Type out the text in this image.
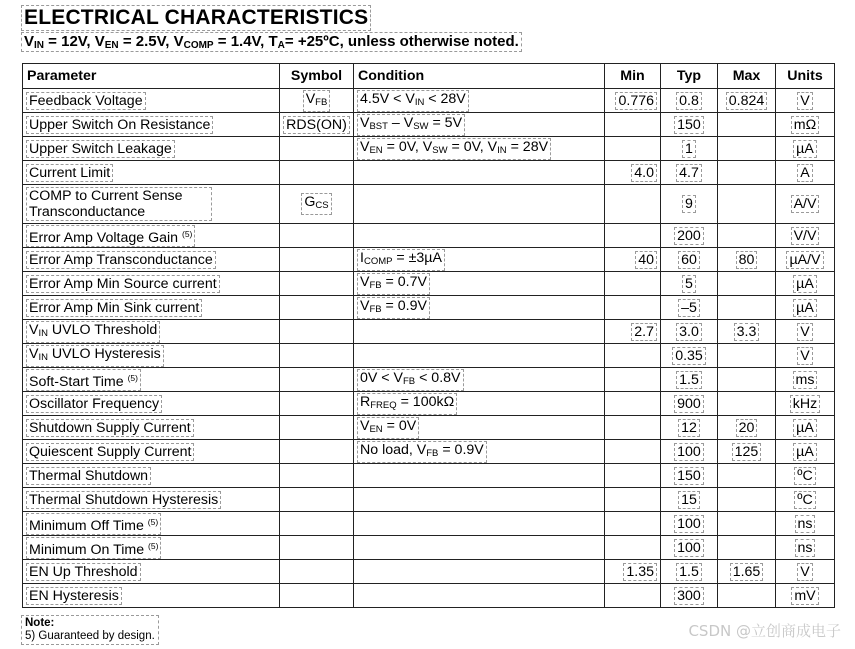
ELECTRICAL CHARACTERISTICS
$V_{IN} = 12V$, $V_{EN} = 2.5V$, $V_{COMP} = 1.4V$, $T_A=$ +25ºC, unless otherwise noted.
Parameter	Symbol	Condition	Min	Typ	Max	Units
Feedback Voltage	$V_{FB}$	$4.5V < V_{IN} < 28V$	0.776	0.8	0.824	V
Upper Switch On Resistance	RDS(ON)	$V_{BST} - V_{SW} = 5V$		150		mΩ
Upper Switch Leakage		$V_{EN} = 0V$, $V_{SW} = 0V$, $V_{IN} = 28V$		1		µA
Current Limit			4.0	4.7		A
COMP to Current Sense Transconductance	$G_{CS}$			9		A/V
Error Amp Voltage Gain $^{(5)}$				200		V/V
Error Amp Transconductance		$I_{COMP} = \pm 3\mu A$	40	60	80	µA/V
Error Amp Min Source current		$V_{FB} = 0.7V$		5		µA
Error Amp Min Sink current		$V_{FB} = 0.9V$		–5		µA
$V_{IN}$ UVLO Threshold			2.7	3.0	3.3	V
$V_{IN}$ UVLO Hysteresis				0.35		V
Soft-Start Time $^{(5)}$		$0V < V_{FB} < 0.8V$		1.5		ms
Oscillator Frequency		$R_{FREQ} = 100k\Omega$		900		kHz
Shutdown Supply Current		$V_{EN} = 0V$		12	20	µA
Quiescent Supply Current		No load, $V_{FB} = 0.9V$		100	125	µA
Thermal Shutdown				150		ºC
Thermal Shutdown Hysteresis				15		ºC
Minimum Off Time $^{(5)}$				100		ns
Minimum On Time $^{(5)}$				100		ns
EN Up Threshold			1.35	1.5	1.65	V
EN Hysteresis				300		mV
Note:
5) Guaranteed by design.	CSDN @立创商成电子
